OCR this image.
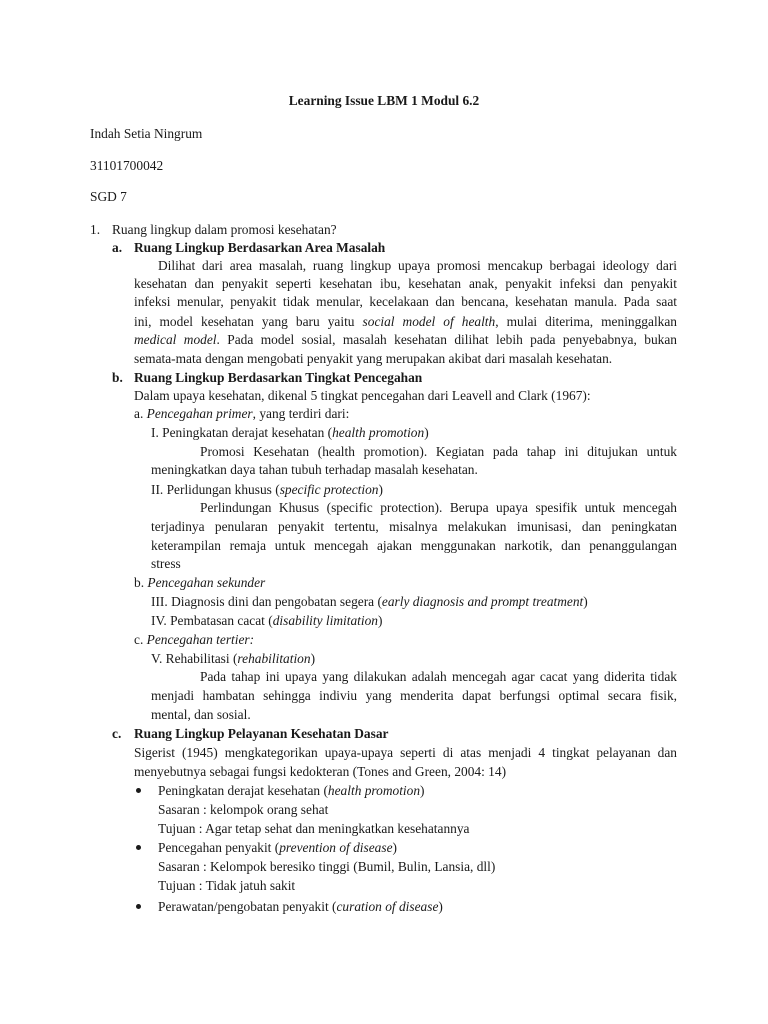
Learning Issue LBM 1 Modul 6.2
Indah Setia Ningrum
31101700042
SGD 7
1. Ruang lingkup dalam promosi kesehatan?
a. Ruang Lingkup Berdasarkan Area Masalah
Dilihat dari area masalah, ruang lingkup upaya promosi mencakup berbagai ideology dari
kesehatan dan penyakit seperti kesehatan ibu, kesehatan anak, penyakit infeksi dan penyakit
infeksi menular, penyakit tidak menular, kecelakaan dan bencana, kesehatan manula. Pada saat
ini, model kesehatan yang baru yaitu social model of health, mulai diterima, meninggalkan
medical model. Pada model sosial, masalah kesehatan dilihat lebih pada penyebabnya, bukan
semata-mata dengan mengobati penyakit yang merupakan akibat dari masalah kesehatan.
b. Ruang Lingkup Berdasarkan Tingkat Pencegahan
Dalam upaya kesehatan, dikenal 5 tingkat pencegahan dari Leavell and Clark (1967):
a. Pencegahan primer, yang terdiri dari:
I. Peningkatan derajat kesehatan (health promotion)
Promosi Kesehatan (health promotion). Kegiatan pada tahap ini ditujukan untuk
meningkatkan daya tahan tubuh terhadap masalah kesehatan.
II. Perlidungan khusus (specific protection)
Perlindungan Khusus (specific protection). Berupa upaya spesifik untuk mencegah
terjadinya penularan penyakit tertentu, misalnya melakukan imunisasi, dan peningkatan
keterampilan remaja untuk mencegah ajakan menggunakan narkotik, dan penanggulangan
stress
b. Pencegahan sekunder
III. Diagnosis dini dan pengobatan segera (early diagnosis and prompt treatment)
IV. Pembatasan cacat (disability limitation)
c. Pencegahan tertier:
V. Rehabilitasi (rehabilitation)
Pada tahap ini upaya yang dilakukan adalah mencegah agar cacat yang diderita tidak
menjadi hambatan sehingga indiviu yang menderita dapat berfungsi optimal secara fisik,
mental, dan sosial.
c. Ruang Lingkup Pelayanan Kesehatan Dasar
Sigerist (1945) mengkategorikan upaya-upaya seperti di atas menjadi 4 tingkat pelayanan dan
menyebutnya sebagai fungsi kedokteran (Tones and Green, 2004: 14)
Peningkatan derajat kesehatan (health promotion)
Sasaran : kelompok orang sehat
Tujuan : Agar tetap sehat dan meningkatkan kesehatannya
Pencegahan penyakit (prevention of disease)
Sasaran : Kelompok beresiko tinggi (Bumil, Bulin, Lansia, dll)
Tujuan : Tidak jatuh sakit
Perawatan/pengobatan penyakit (curation of disease)
